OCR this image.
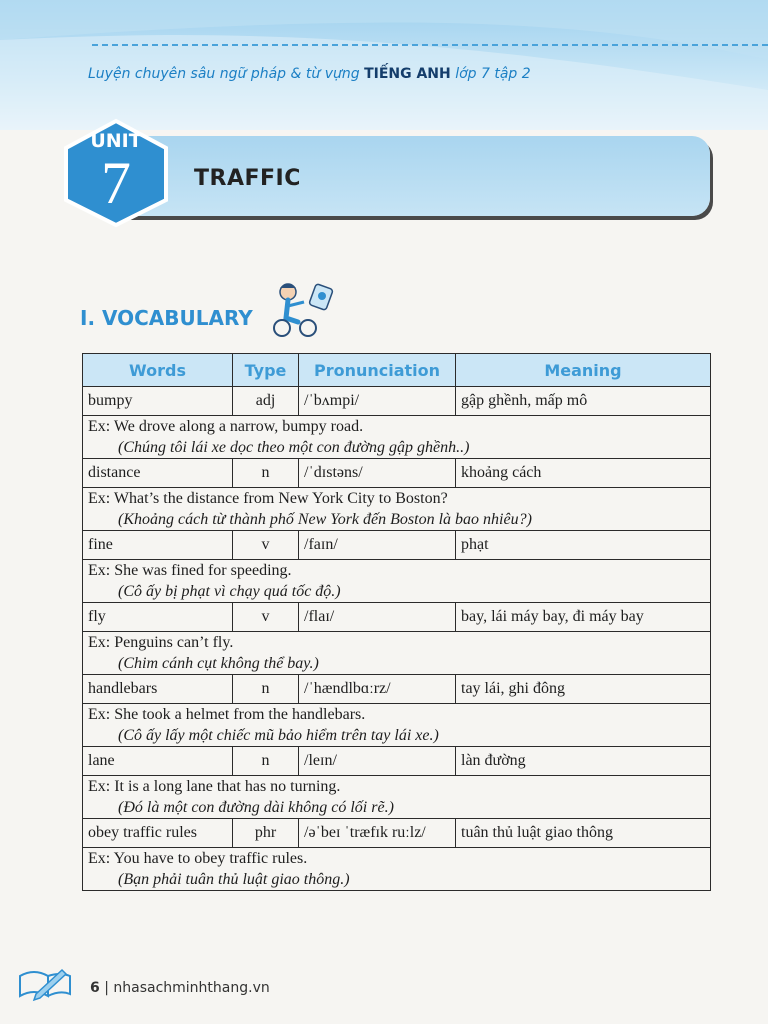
Luyện chuyên sâu ngữ pháp & từ vựng TIẾNG ANH lớp 7 tập 2
UNIT
7	TRAFFIC
I. VOCABULARY
Words	Type	Pronunciation	Meaning
bumpy	adj	/ˈbʌmpi/	gập ghềnh, mấp mô
Ex: We drove along a narrow, bumpy road.
(Chúng tôi lái xe dọc theo một con đường gập ghềnh..)			

distance	n	/ˈdɪstəns/	khoảng cách
Ex: What’s the distance from New York City to Boston?
(Khoảng cách từ thành phố New York đến Boston là bao nhiêu?)			

fine	v	/faɪn/	phạt
Ex: She was fined for speeding.
(Cô ấy bị phạt vì chạy quá tốc độ.)			

fly	v	/flaɪ/	bay, lái máy bay, đi máy bay
Ex: Penguins can’t fly.
(Chim cánh cụt không thể bay.)			

handlebars	n	/ˈhændlbɑːrz/	tay lái, ghi đông
Ex: She took a helmet from the handlebars.
(Cô ấy lấy một chiếc mũ bảo hiểm trên tay lái xe.)			

lane	n	/leɪn/	làn đường
Ex: It is a long lane that has no turning.
(Đó là một con đường dài không có lối rẽ.)			

obey traffic rules	phr	/əˈbeɪ ˈtræfɪk ruːlz/	tuân thủ luật giao thông
Ex: You have to obey traffic rules.
(Bạn phải tuân thủ luật giao thông.)			
6 | nhasachminhthang.vn
